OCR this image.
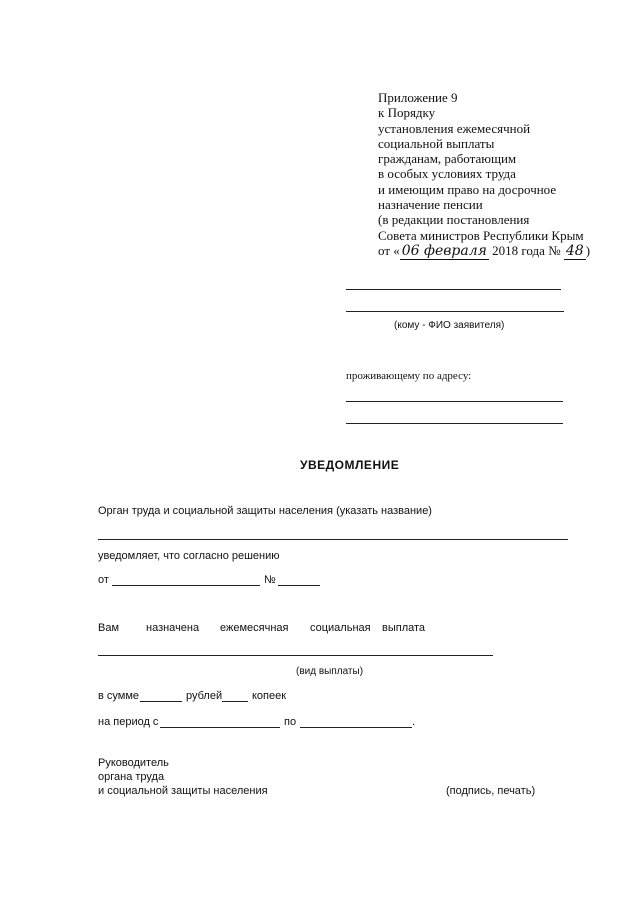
Приложение 9
к Порядку
установления ежемесячной
социальной выплаты
гражданам, работающим
в особых условиях труда
и имеющим право на досрочное
назначение пенсии
(в редакции постановления
Совета министров Республики Крым
от « 06 февраля 2018 года № 48 )
(кому - ФИО заявителя)
проживающему по адресу:
УВЕДОМЛЕНИЕ
Орган труда и социальной защиты населения (указать название)
уведомляет, что согласно решению
от	№
Вам назначена ежемесячная социальная выплата
(вид выплаты)
в сумме	рублей	копеек
на период с	по	.
Руководитель
органа труда
и социальной защиты населения	(подпись, печать)
